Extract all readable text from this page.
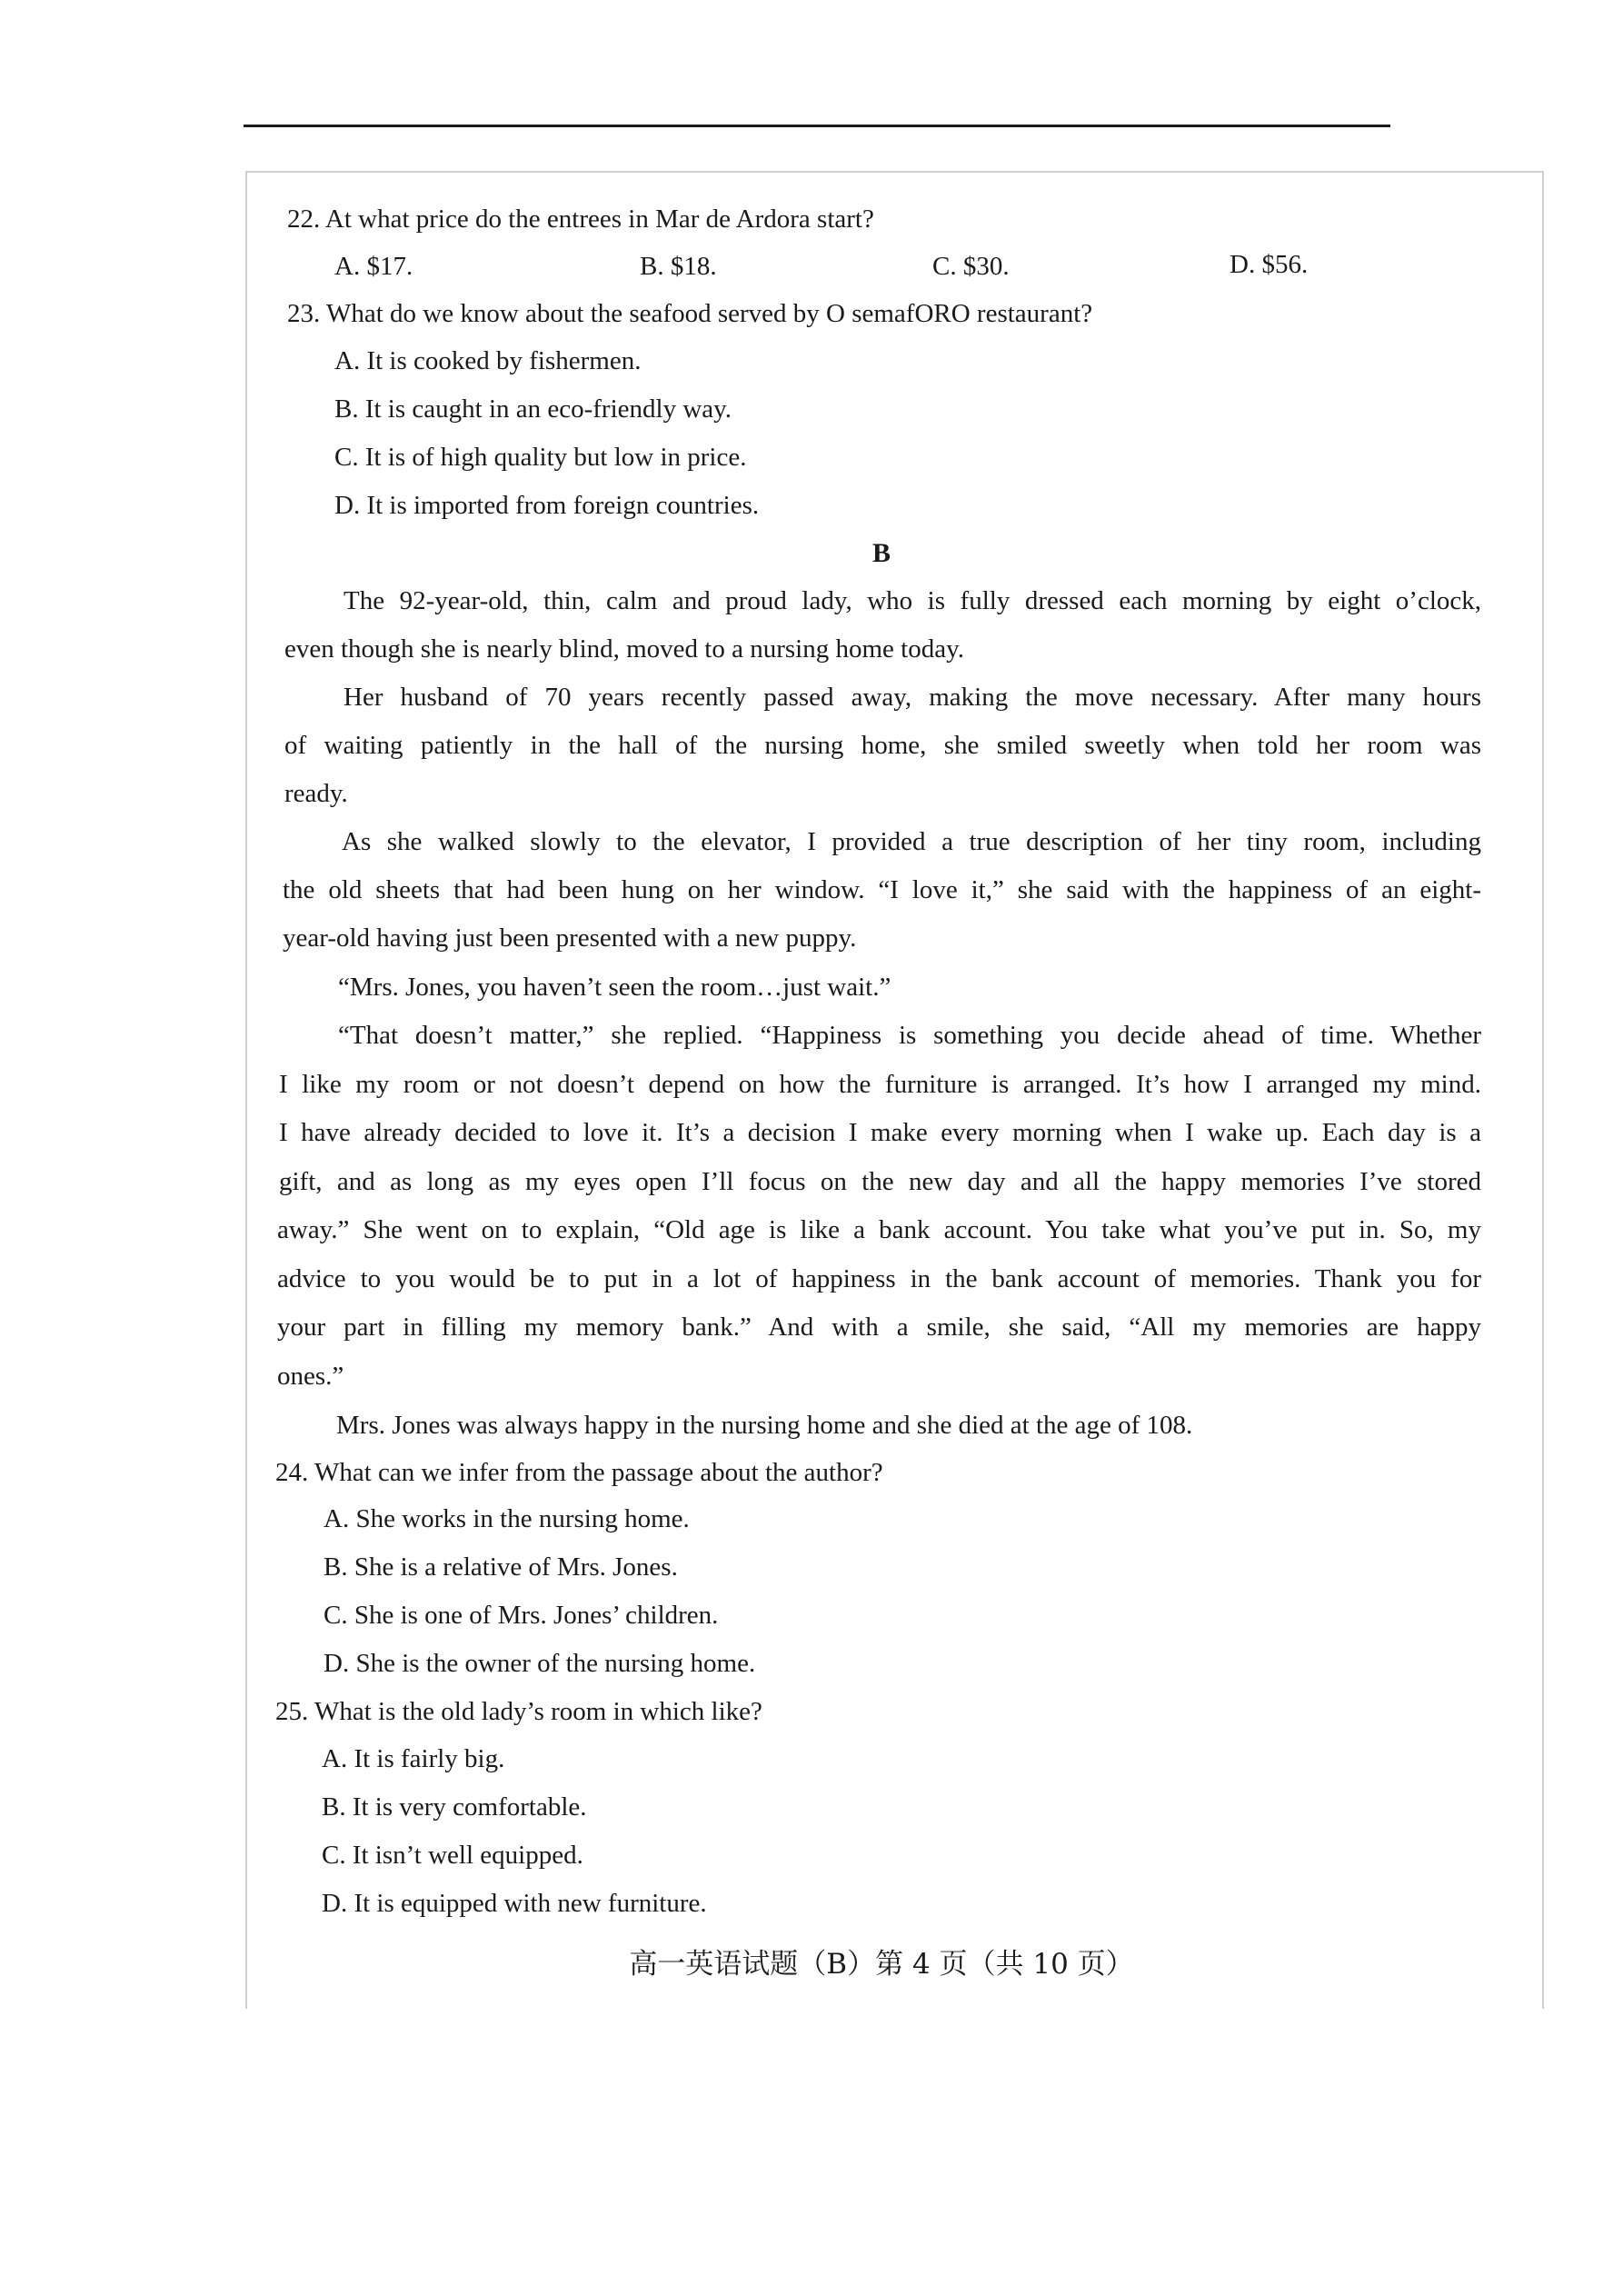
22. At what price do the entrees in Mar de Ardora start?
A. $17.	B. $18.	C. $30.	D. $56.
23. What do we know about the seafood served by O semafORO restaurant?
A. It is cooked by fishermen.
B. It is caught in an eco-friendly way.
C. It is of high quality but low in price.
D. It is imported from foreign countries.
B
The 92-year-old, thin, calm and proud lady, who is fully dressed each morning by eight o’clock,
even though she is nearly blind, moved to a nursing home today.
Her husband of 70 years recently passed away, making the move necessary. After many hours
of waiting patiently in the hall of the nursing home, she smiled sweetly when told her room was
ready.
As she walked slowly to the elevator, I provided a true description of her tiny room, including
the old sheets that had been hung on her window. “I love it,” she said with the happiness of an eight-
year-old having just been presented with a new puppy.
“Mrs. Jones, you haven’t seen the room…just wait.”
“That doesn’t matter,” she replied. “Happiness is something you decide ahead of time. Whether
I like my room or not doesn’t depend on how the furniture is arranged. It’s how I arranged my mind.
I have already decided to love it. It’s a decision I make every morning when I wake up. Each day is a
gift, and as long as my eyes open I’ll focus on the new day and all the happy memories I’ve stored
away.” She went on to explain, “Old age is like a bank account. You take what you’ve put in. So, my
advice to you would be to put in a lot of happiness in the bank account of memories. Thank you for
your part in filling my memory bank.” And with a smile, she said, “All my memories are happy
ones.”
Mrs. Jones was always happy in the nursing home and she died at the age of 108.
24. What can we infer from the passage about the author?
A. She works in the nursing home.
B. She is a relative of Mrs. Jones.
C. She is one of Mrs. Jones’ children.
D. She is the owner of the nursing home.
25. What is the old lady’s room in which like?
A. It is fairly big.
B. It is very comfortable.
C. It isn’t well equipped.
D. It is equipped with new furniture.
高一英语试题（B）第 4 页（共 10 页）
